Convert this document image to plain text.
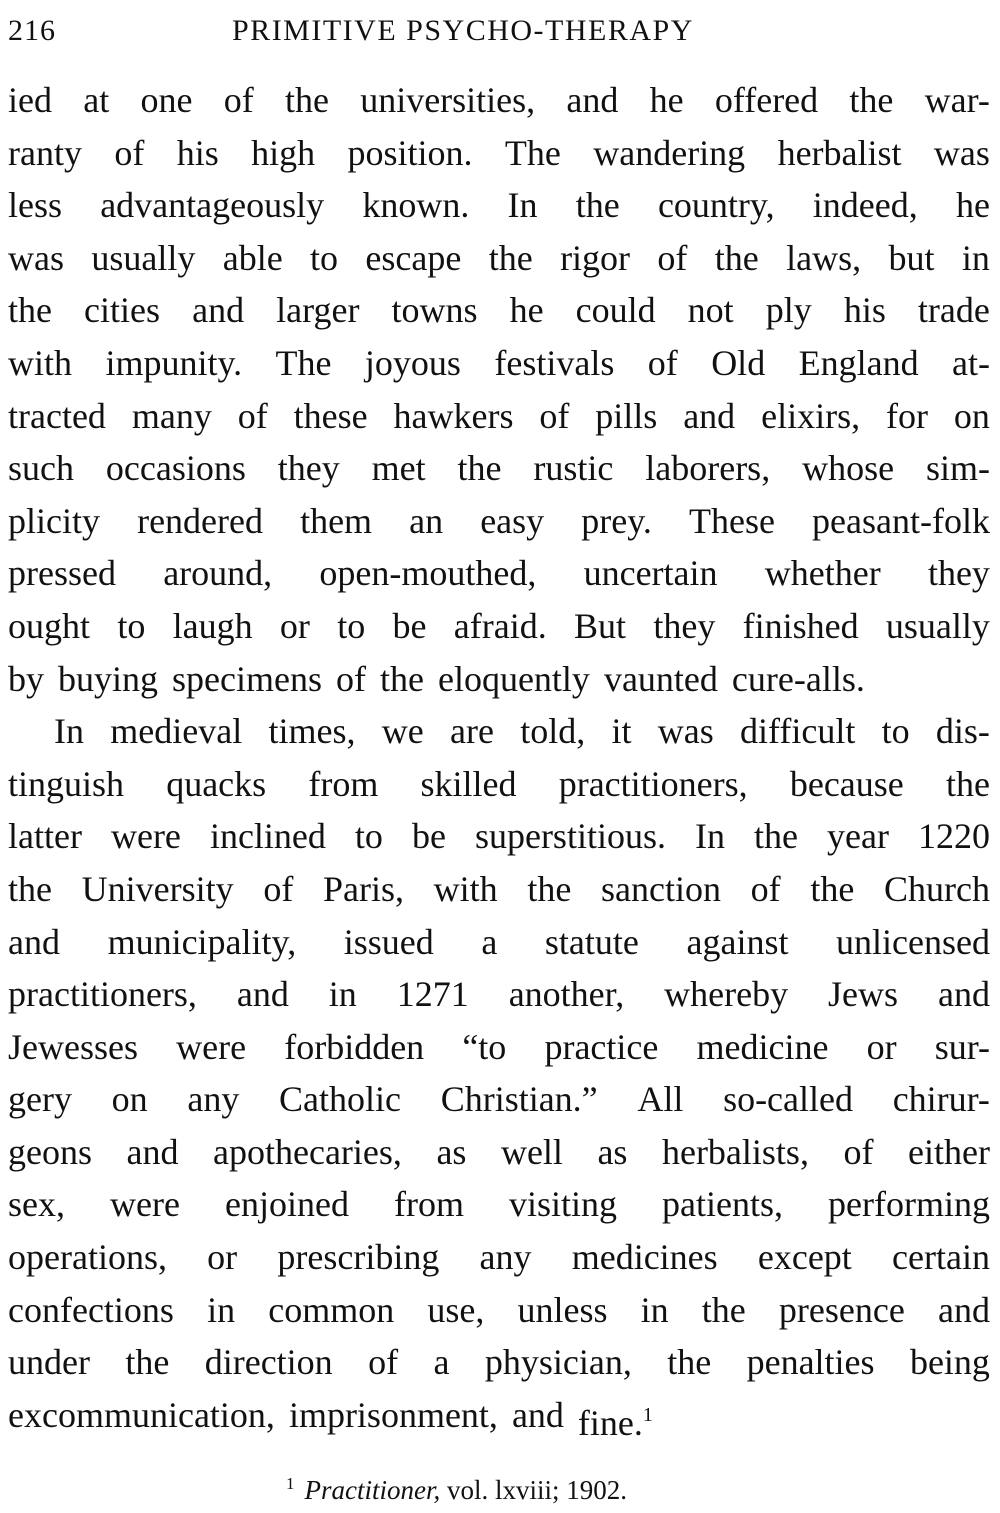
216	PRIMITIVE PSYCHO-THERAPY
ied at one of the universities, and he offered the war-
ranty of his high position. The wandering herbalist was
less advantageously known. In the country, indeed, he
was usually able to escape the rigor of the laws, but in
the cities and larger towns he could not ply his trade
with impunity. The joyous festivals of Old England at-
tracted many of these hawkers of pills and elixirs, for on
such occasions they met the rustic laborers, whose sim-
plicity rendered them an easy prey. These peasant-folk
pressed around, open-mouthed, uncertain whether they
ought to laugh or to be afraid. But they finished usually
by buying specimens of the eloquently vaunted cure-alls.
In medieval times, we are told, it was difficult to dis-
tinguish quacks from skilled practitioners, because the
latter were inclined to be superstitious. In the year 1220
the University of Paris, with the sanction of the Church
and municipality, issued a statute against unlicensed
practitioners, and in 1271 another, whereby Jews and
Jewesses were forbidden “to practice medicine or sur-
gery on any Catholic Christian.” All so-called chirur-
geons and apothecaries, as well as herbalists, of either
sex, were enjoined from visiting patients, performing
operations, or prescribing any medicines except certain
confections in common use, unless in the presence and
under the direction of a physician, the penalties being
excommunication, imprisonment, and fine.$^1$
$^1$ Practitioner, vol. lxviii; 1902.
